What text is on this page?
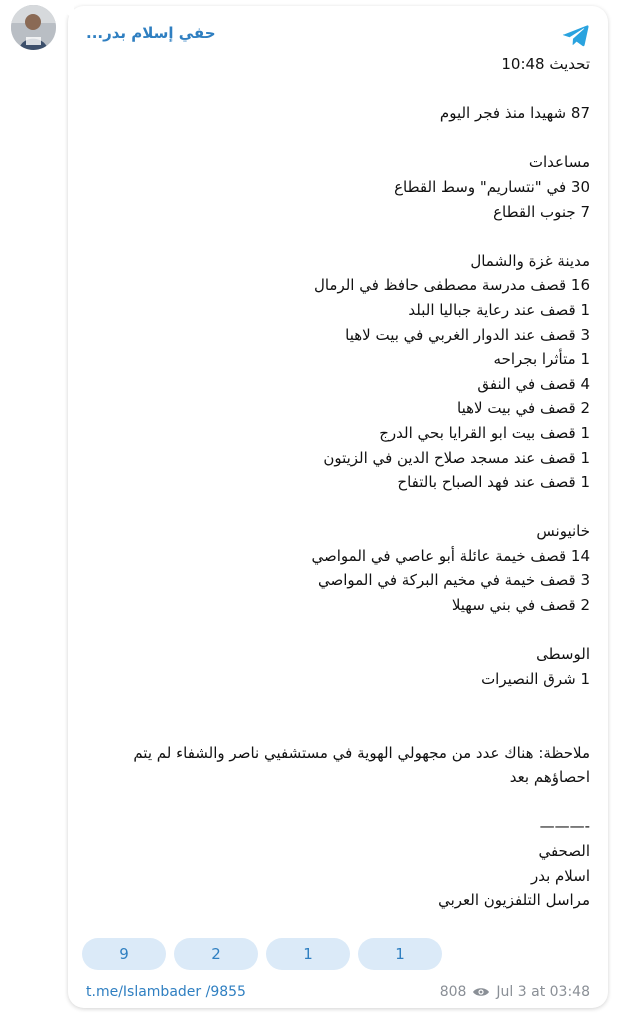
حفي إسلام بدر...
تحديث 10:48
87 شهيدا منذ فجر اليوم
مساعدات
30 في "نتساريم" وسط القطاع
7 جنوب القطاع
مدينة غزة والشمال
16 قصف مدرسة مصطفى حافظ في الرمال
1 قصف عند رعاية جباليا البلد
3 قصف عند الدوار الغربي في بيت لاهيا
1 متأثرا بجراحه
4 قصف في النفق
2 قصف في بيت لاهيا
1 قصف بيت ابو القرايا بحي الدرج
1 قصف عند مسجد صلاح الدين في الزيتون
1 قصف عند فهد الصباح بالتفاح
خانيونس
14 قصف خيمة عائلة أبو عاصي في المواصي
3 قصف خيمة في مخيم البركة في المواصي
2 قصف في بني سهيلا
الوسطى
1 شرق النصيرات
ملاحظة: هناك عدد من مجهولي الهوية في مستشفيي ناصر والشفاء لم يتم احصاؤهم بعد
-———
الصحفي
اسلام بدر
مراسل التلفزيون العربي
9	2	1	1
t.me/Islambader /9855	808 Jul 3 at 03:48
